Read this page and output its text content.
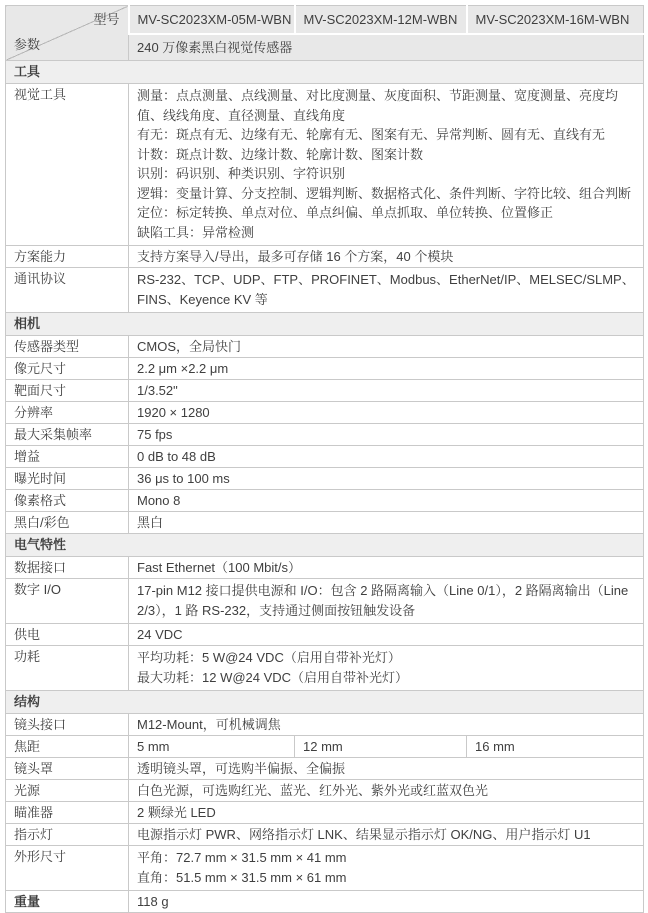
型号
参数	MV-SC2023XM-05M-WBN	MV-SC2023XM-12M-WBN	MV-SC2023XM-16M-WBN
	240 万像素黑白视觉传感器		
工具			
视觉工具	测量：点点测量、点线测量、对比度测量、灰度面积、节距测量、宽度测量、亮度均值、线线角度、直径测量、直线角度
有无：斑点有无、边缘有无、轮廓有无、图案有无、异常判断、圆有无、直线有无
计数：斑点计数、边缘计数、轮廓计数、图案计数
识别：码识别、种类识别、字符识别
逻辑：变量计算、分支控制、逻辑判断、数据格式化、条件判断、字符比较、组合判断
定位：标定转换、单点对位、单点纠偏、单点抓取、单位转换、位置修正
缺陷工具：异常检测

方案能力	支持方案导入/导出，最多可存储 16 个方案，40 个模块		
通讯协议	RS-232、TCP、UDP、FTP、PROFINET、Modbus、EtherNet/IP、MELSEC/SLMP、FINS、Keyence KV 等		

相机			
传感器类型	CMOS，全局快门		
像元尺寸	2.2 μm ×2.2 μm		
靶面尺寸	1/3.52"		
分辨率	1920 × 1280		
最大采集帧率	75 fps		
增益	0 dB to 48 dB		
曝光时间	36 μs to 100 ms		
像素格式	Mono 8		
黑白/彩色	黑白		
电气特性			
数据接口	Fast Ethernet（100 Mbit/s）		
数字 I/O	17-pin M12 接口提供电源和 I/O：包含 2 路隔离输入（Line 0/1），2 路隔离输出（Line 2/3），1 路 RS-232，支持通过侧面按钮触发设备		

供电	24 VDC		
功耗	平均功耗：5 W@24 VDC（启用自带补光灯）
最大功耗：12 W@24 VDC（启用自带补光灯）		

结构			
镜头接口	M12-Mount，可机械调焦		
焦距	5 mm	12 mm	16 mm
镜头罩	透明镜头罩，可选购半偏振、全偏振		
光源	白色光源，可选购红光、蓝光、红外光、紫外光或红蓝双色光		
瞄准器	2 颗绿光 LED		
指示灯	电源指示灯 PWR、网络指示灯 LNK、结果显示指示灯 OK/NG、用户指示灯 U1		
外形尺寸	平角：72.7 mm × 31.5 mm × 41 mm
直角：51.5 mm × 31.5 mm × 61 mm		

重量	118 g		
